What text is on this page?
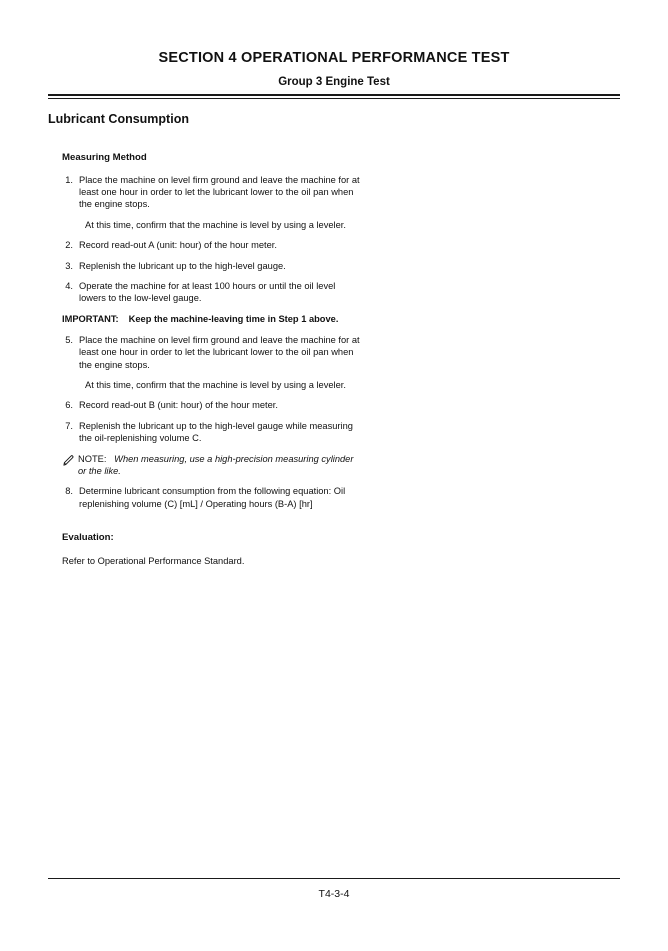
SECTION 4 OPERATIONAL PERFORMANCE TEST
Group 3 Engine Test
Lubricant Consumption
Measuring Method
1. Place the machine on level firm ground and leave the machine for at least one hour in order to let the lubricant lower to the oil pan when the engine stops.
At this time, confirm that the machine is level by using a leveler.
2. Record read-out A (unit: hour) of the hour meter.
3. Replenish the lubricant up to the high-level gauge.
4. Operate the machine for at least 100 hours or until the oil level lowers to the low-level gauge.
IMPORTANT:	Keep the machine-leaving time in Step 1 above.
5. Place the machine on level firm ground and leave the machine for at least one hour in order to let the lubricant lower to the oil pan when the engine stops.
At this time, confirm that the machine is level by using a leveler.
6. Record read-out B (unit: hour) of the hour meter.
7. Replenish the lubricant up to the high-level gauge while measuring the oil-replenishing volume C.
NOTE: When measuring, use a high-precision measuring cylinder or the like.
8. Determine lubricant consumption from the following equation: Oil replenishing volume (C) [mL] / Operating hours (B-A) [hr]
Evaluation:
Refer to Operational Performance Standard.
T4-3-4
